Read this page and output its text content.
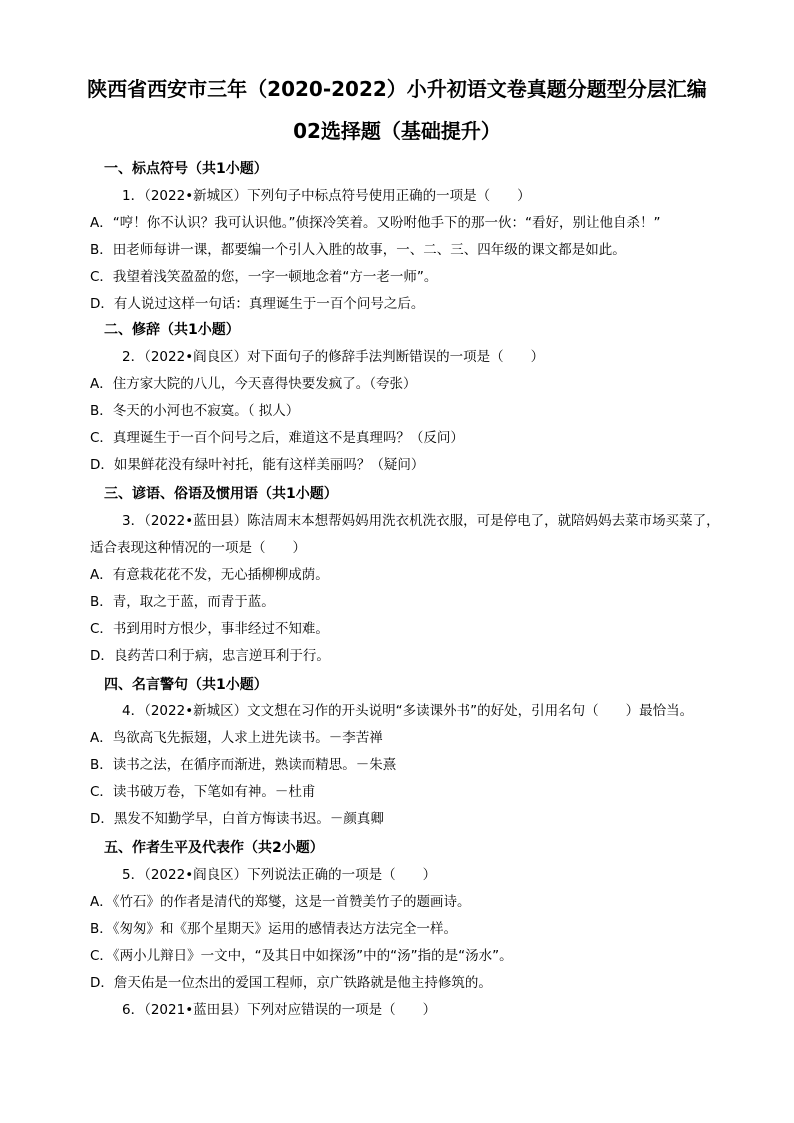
陕西省西安市三年（2020-2022）小升初语文卷真题分题型分层汇编
02选择题（基础提升）
一、标点符号（共1小题）
1．（2022•新城区）下列句子中标点符号使用正确的一项是（　　）
A．“哼！你不认识？我可认识他。”侦探冷笑着。又吩咐他手下的那一伙：“看好，别让他自杀！”
B．田老师每讲一课，都要编一个引人入胜的故事，一、二、三、四年级的课文都是如此。
C．我望着浅笑盈盈的您，一字一顿地念着“方一老一师”。
D．有人说过这样一句话：真理诞生于一百个问号之后。
二、修辞（共1小题）
2．（2022•阎良区）对下面句子的修辞手法判断错误的一项是（　　）
A．住方家大院的八儿，今天喜得快要发疯了。（夸张）
B．冬天的小河也不寂寞。（ 拟人）
C．真理诞生于一百个问号之后，难道这不是真理吗？（反问）
D．如果鲜花没有绿叶衬托，能有这样美丽吗？（疑问）
三、谚语、俗语及惯用语（共1小题）
3．（2022•蓝田县）陈洁周末本想帮妈妈用洗衣机洗衣服，可是停电了，就陪妈妈去菜市场买菜了，
适合表现这种情况的一项是（　　）
A．有意栽花花不发，无心插柳柳成荫。
B．青，取之于蓝，而青于蓝。
C．书到用时方恨少，事非经过不知难。
D．良药苦口利于病，忠言逆耳利于行。
四、名言警句（共1小题）
4．（2022•新城区）文文想在习作的开头说明“多读课外书”的好处，引用名句（　　）最恰当。
A．鸟欲高飞先振翅，人求上进先读书。－李苦禅
B．读书之法，在循序而渐进，熟读而精思。－朱熹
C．读书破万卷，下笔如有神。－杜甫
D．黑发不知勤学早，白首方悔读书迟。－颜真卿
五、作者生平及代表作（共2小题）
5．（2022•阎良区）下列说法正确的一项是（　　）
A．《竹石》的作者是清代的郑燮，这是一首赞美竹子的题画诗。
B．《匆匆》和《那个星期天》运用的感情表达方法完全一样。
C．《两小儿辩日》一文中，“及其日中如探汤”中的“汤”指的是“汤水”。
D．詹天佑是一位杰出的爱国工程师，京广铁路就是他主持修筑的。
6．（2021•蓝田县）下列对应错误的一项是（　　）
